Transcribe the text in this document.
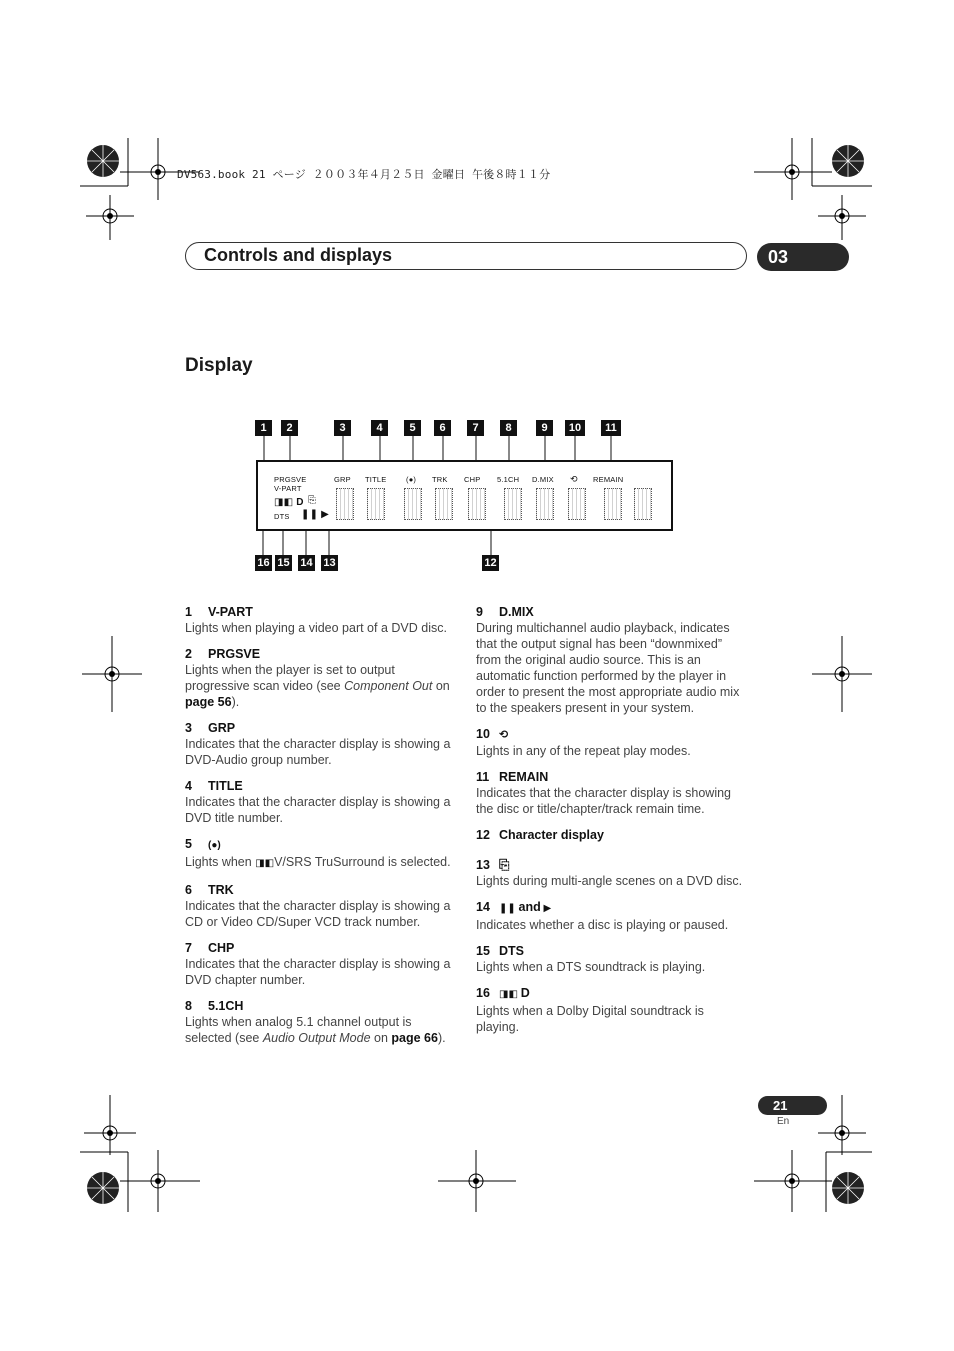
DV563.book 21 ページ ２００３年４月２５日 金曜日 午後８時１１分
Controls and displays	03
Display
1	2	3	4	5	6	7	8	9	10	11
16 15 14 13	12
PRGSVE
V-PART
GRP TITLE	(●) TRK CHP 5.1CH D.MIX ⟲ REMAIN
◨◧ D ⎘
DTS ❚❚ ▶
1 V-PART
Lights when playing a video part of a DVD disc.
2 PRGSVE
Lights when the player is set to output progressive scan video (see Component Out on page 56).
3 GRP
Indicates that the character display is showing a DVD-Audio group number.
4 TITLE
Indicates that the character display is showing a DVD title number.
5 (●)
Lights when ◨◧V/SRS TruSurround is selected.
6 TRK
Indicates that the character display is showing a CD or Video CD/Super VCD track number.
7 CHP
Indicates that the character display is showing a DVD chapter number.
8 5.1CH
Lights when analog 5.1 channel output is selected (see Audio Output Mode on page 66).
9 D.MIX
During multichannel audio playback, indicates that the output signal has been “downmixed” from the original audio source. This is an automatic function performed by the player in order to present the most appropriate audio mix to the speakers present in your system.
10 ⟲
Lights in any of the repeat play modes.
11 REMAIN
Indicates that the character display is showing the disc or title/chapter/track remain time.
12 Character display
13 ⎘
Lights during multi-angle scenes on a DVD disc.
14 ❚❚ and ▶
Indicates whether a disc is playing or paused.
15 DTS
Lights when a DTS soundtrack is playing.
16 ◨◧ D
Lights when a Dolby Digital soundtrack is playing.
21
En
